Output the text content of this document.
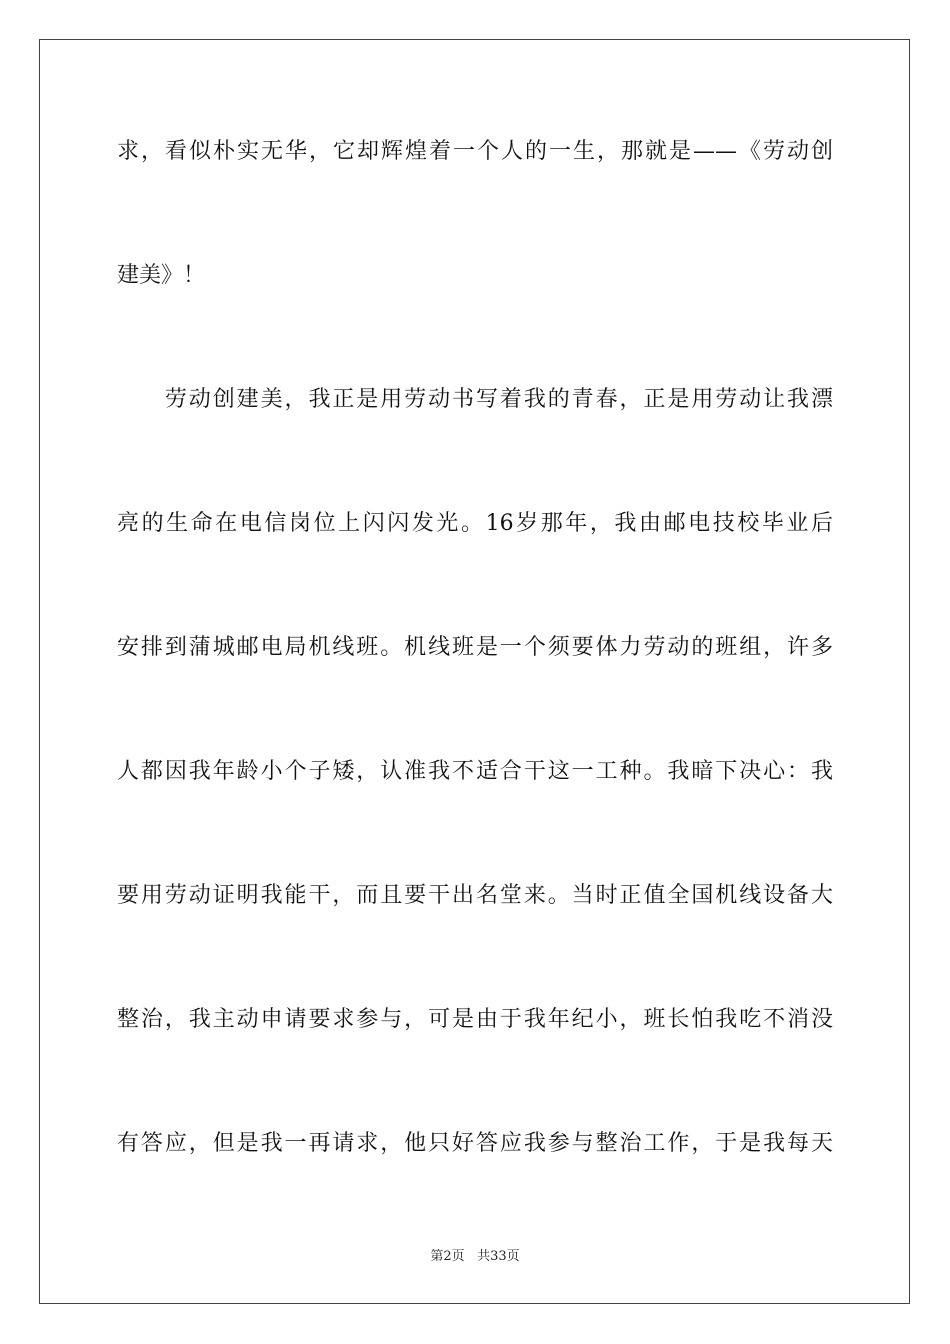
求，看似朴实无华，它却辉煌着一个人的一生，那就是——《劳动创
建美》！
　　劳动创建美，我正是用劳动书写着我的青春，正是用劳动让我漂
亮的生命在电信岗位上闪闪发光。16岁那年，我由邮电技校毕业后
安排到蒲城邮电局机线班。机线班是一个须要体力劳动的班组，许多
人都因我年龄小个子矮，认准我不适合干这一工种。我暗下决心：我
要用劳动证明我能干，而且要干出名堂来。当时正值全国机线设备大
整治，我主动申请要求参与，可是由于我年纪小，班长怕我吃不消没
有答应，但是我一再请求，他只好答应我参与整治工作，于是我每天
第2页 共33页
